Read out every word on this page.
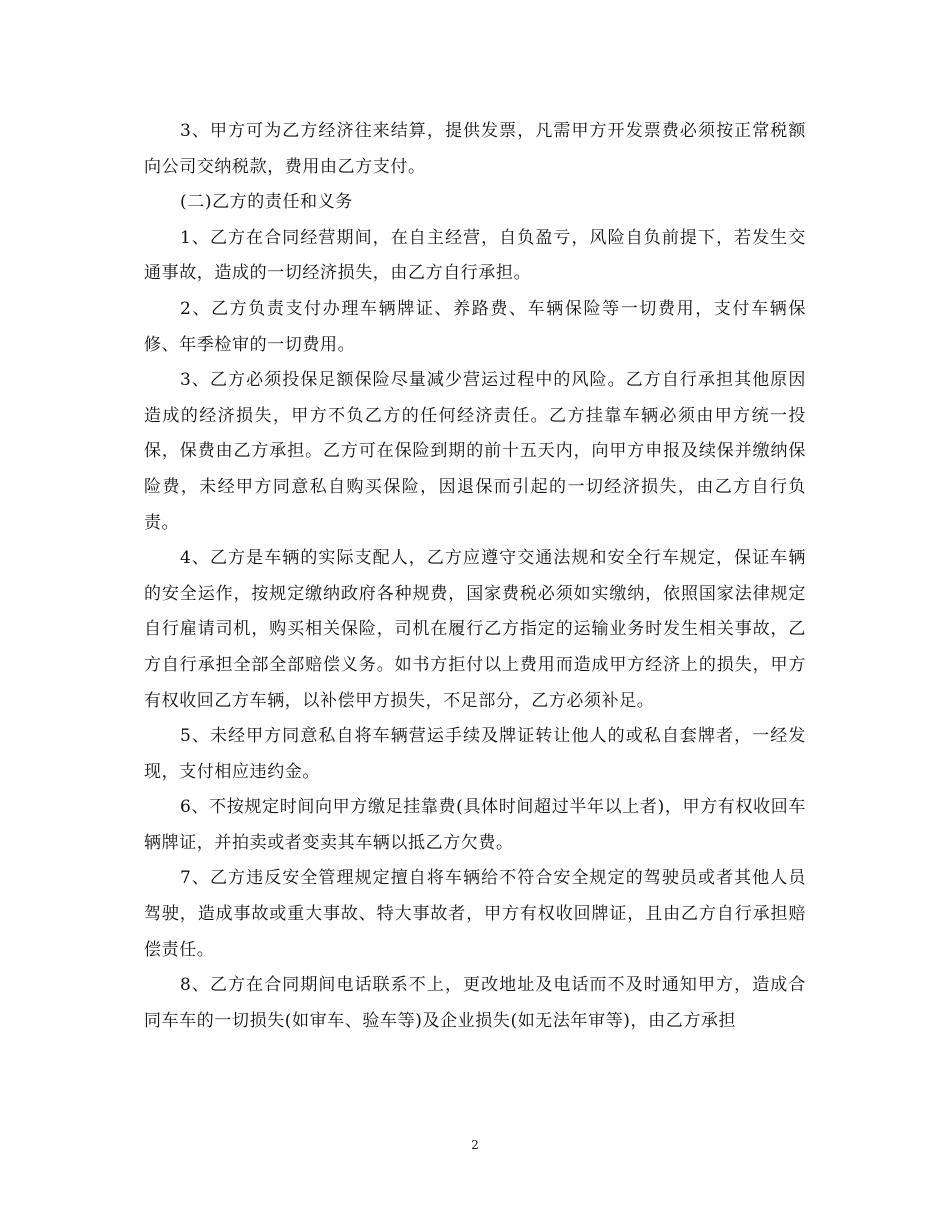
3、甲方可为乙方经济往来结算，提供发票，凡需甲方开发票费必须按正常税额向公司交纳税款，费用由乙方支付。

(二)乙方的责任和义务

1、乙方在合同经营期间，在自主经营，自负盈亏，风险自负前提下，若发生交通事故，造成的一切经济损失，由乙方自行承担。

2、乙方负责支付办理车辆牌证、养路费、车辆保险等一切费用，支付车辆保修、年季检审的一切费用。

3、乙方必须投保足额保险尽量减少营运过程中的风险。乙方自行承担其他原因造成的经济损失，甲方不负乙方的任何经济责任。乙方挂靠车辆必须由甲方统一投保，保费由乙方承担。乙方可在保险到期的前十五天内，向甲方申报及续保并缴纳保险费，未经甲方同意私自购买保险，因退保而引起的一切经济损失，由乙方自行负责。

4、乙方是车辆的实际支配人，乙方应遵守交通法规和安全行车规定，保证车辆的安全运作，按规定缴纳政府各种规费，国家费税必须如实缴纳，依照国家法律规定自行雇请司机，购买相关保险，司机在履行乙方指定的运输业务时发生相关事故，乙方自行承担全部全部赔偿义务。如书方拒付以上费用而造成甲方经济上的损失，甲方有权收回乙方车辆，以补偿甲方损失，不足部分，乙方必须补足。

5、未经甲方同意私自将车辆营运手续及牌证转让他人的或私自套牌者，一经发现，支付相应违约金。

6、不按规定时间向甲方缴足挂靠费(具体时间超过半年以上者)，甲方有权收回车辆牌证，并拍卖或者变卖其车辆以抵乙方欠费。

7、乙方违反安全管理规定擅自将车辆给不符合安全规定的驾驶员或者其他人员驾驶，造成事故或重大事故、特大事故者，甲方有权收回牌证，且由乙方自行承担赔偿责任。

8、乙方在合同期间电话联系不上，更改地址及电话而不及时通知甲方，造成合同车车的一切损失(如审车、验车等)及企业损失(如无法年审等)，由乙方承担

2
